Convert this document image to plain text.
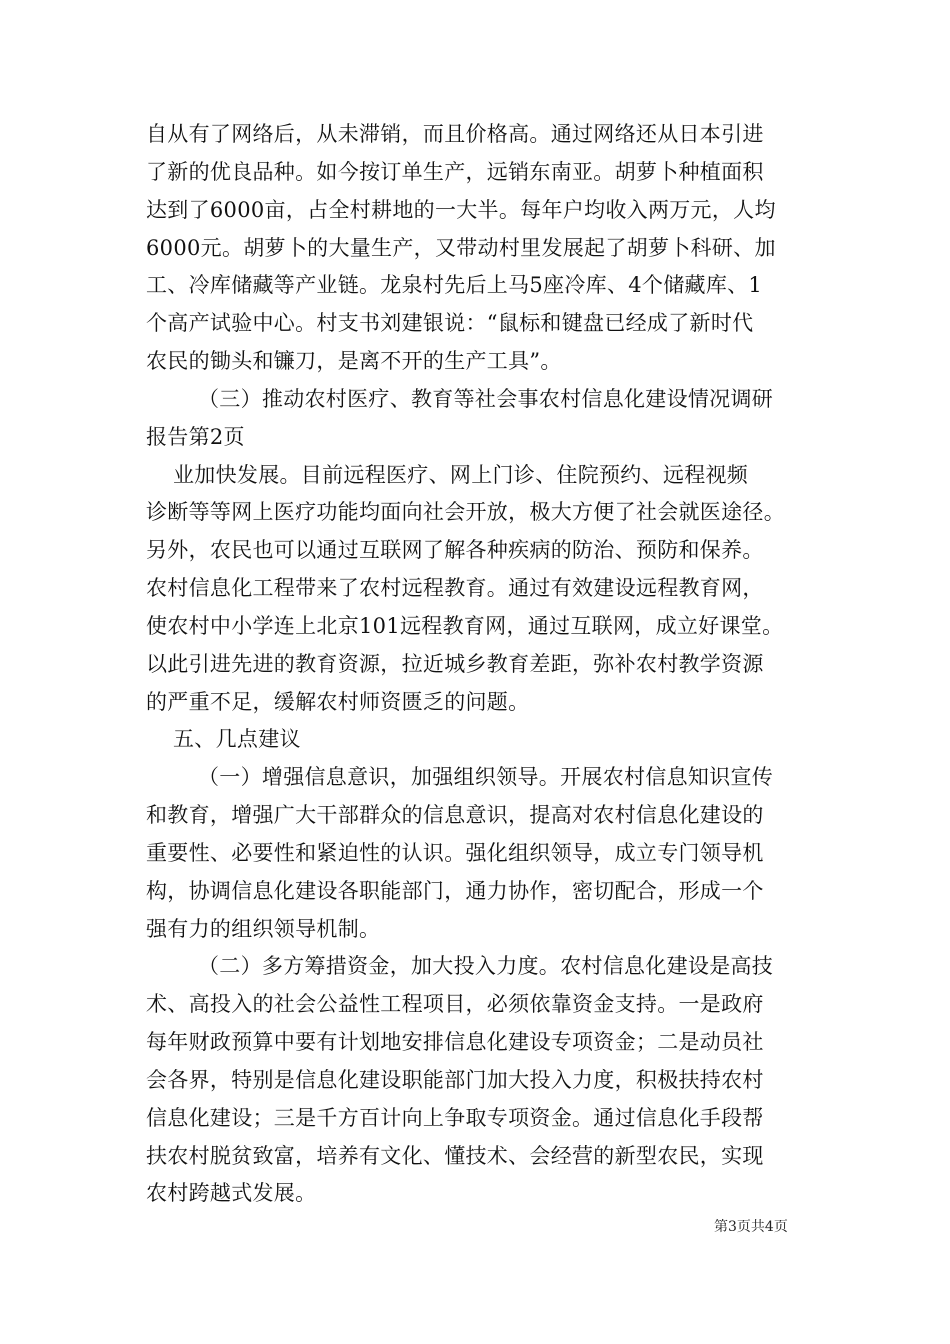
自从有了网络后，从未滞销，而且价格高。通过网络还从日本引进
了新的优良品种。如今按订单生产，远销东南亚。胡萝卜种植面积
达到了6000亩，占全村耕地的一大半。每年户均收入两万元，人均
6000元。胡萝卜的大量生产，又带动村里发展起了胡萝卜科研、加
工、冷库储藏等产业链。龙泉村先后上马5座冷库、4个储藏库、1
个高产试验中心。村支书刘建银说：“鼠标和键盘已经成了新时代
农民的锄头和镰刀，是离不开的生产工具”。
（三）推动农村医疗、教育等社会事农村信息化建设情况调研
报告第2页
业加快发展。目前远程医疗、网上门诊、住院预约、远程视频
诊断等等网上医疗功能均面向社会开放，极大方便了社会就医途径。
另外，农民也可以通过互联网了解各种疾病的防治、预防和保养。
农村信息化工程带来了农村远程教育。通过有效建设远程教育网，
使农村中小学连上北京101远程教育网，通过互联网，成立好课堂。
以此引进先进的教育资源，拉近城乡教育差距，弥补农村教学资源
的严重不足，缓解农村师资匮乏的问题。
五、几点建议
（一）增强信息意识，加强组织领导。开展农村信息知识宣传
和教育，增强广大干部群众的信息意识，提高对农村信息化建设的
重要性、必要性和紧迫性的认识。强化组织领导，成立专门领导机
构，协调信息化建设各职能部门，通力协作，密切配合，形成一个
强有力的组织领导机制。
（二）多方筹措资金，加大投入力度。农村信息化建设是高技
术、高投入的社会公益性工程项目，必须依靠资金支持。一是政府
每年财政预算中要有计划地安排信息化建设专项资金；二是动员社
会各界，特别是信息化建设职能部门加大投入力度，积极扶持农村
信息化建设；三是千方百计向上争取专项资金。通过信息化手段帮
扶农村脱贫致富，培养有文化、懂技术、会经营的新型农民，实现
农村跨越式发展。
第3页共4页
